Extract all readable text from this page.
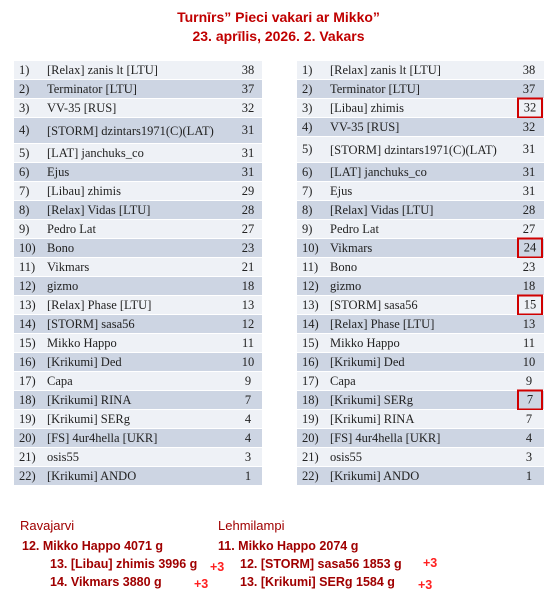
Turnīrs” Pieci vakari ar Mikko”
23. aprīlis, 2026. 2. Vakars
1) [Relax] zanis lt [LTU]	38
2) Terminator [LTU]	37
3) VV-35 [RUS]	32
4) [STORM] dzintars1971(C)(LAT)	31
5) [LAT] janchuks_co	31
6) Ejus	31
7) [Libau] zhimis	29
8) [Relax] Vidas [LTU]	28
9) Pedro Lat	27
10) Bono	23
11) Vikmars	21
12) gizmo	18
13) [Relax] Phase [LTU]	13
14) [STORM] sasa56	12
15) Mikko Happo	11
16) [Krikumi] Ded	10
17) Capa	9
18) [Krikumi] RINA	7
19) [Krikumi] SERg	4
20) [FS] 4ur4hella [UKR]	4
21) osis55	3
22) [Krikumi] ANDO	1
1) [Relax] zanis lt [LTU]	38
2) Terminator [LTU]	37
3) [Libau] zhimis	32
4) VV-35 [RUS]	32
5) [STORM] dzintars1971(C)(LAT)	31
6) [LAT] janchuks_co	31
7) Ejus	31
8) [Relax] Vidas [LTU]	28
9) Pedro Lat	27
10) Vikmars	24
11) Bono	23
12) gizmo	18
13) [STORM] sasa56	15
14) [Relax] Phase [LTU]	13
15) Mikko Happo	11
16) [Krikumi] Ded	10
17) Capa	9
18) [Krikumi] SERg	7
19) [Krikumi] RINA	7
20) [FS] 4ur4hella [UKR]	4
21) osis55	3
22) [Krikumi] ANDO	1
Ravajarvi
12. Mikko Happo 4071 g
13. [Libau] zhimis 3996 g +3
14. Vikmars 3880 g	+3
Lehmilampi
11. Mikko Happo 2074 g
12. [STORM] sasa56 1853 g +3
13. [Krikumi] SERg 1584 g +3
